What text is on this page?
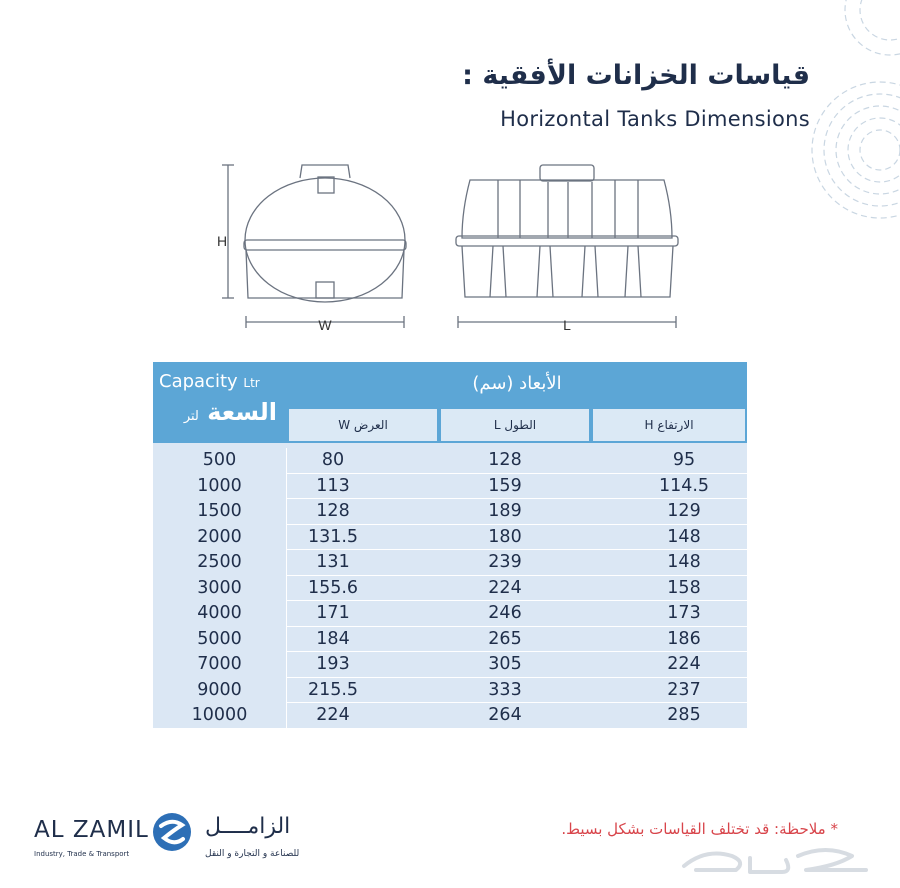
قياسات الخزانات الأفقية :
Horizontal Tanks Dimensions
H
W	L
Capacity Ltr
السعة لتر
الأبعاد (سم)
العرض W	الطول L	الارتفاع H
500	80	128	95
1000	113	159	114.5
1500	128	189	129
2000	131.5	180	148
2500	131	239	148
3000	155.6	224	158
4000	171	246	173
5000	184	265	186
7000	193	305	224
9000	215.5	333	237
10000	224	264	285
AL ZAMIL
Industry, Trade & Transport
الزامــــل
للصناعة و التجارة و النقل
* ملاحظة: قد تختلف القياسات بشكل بسيط.
